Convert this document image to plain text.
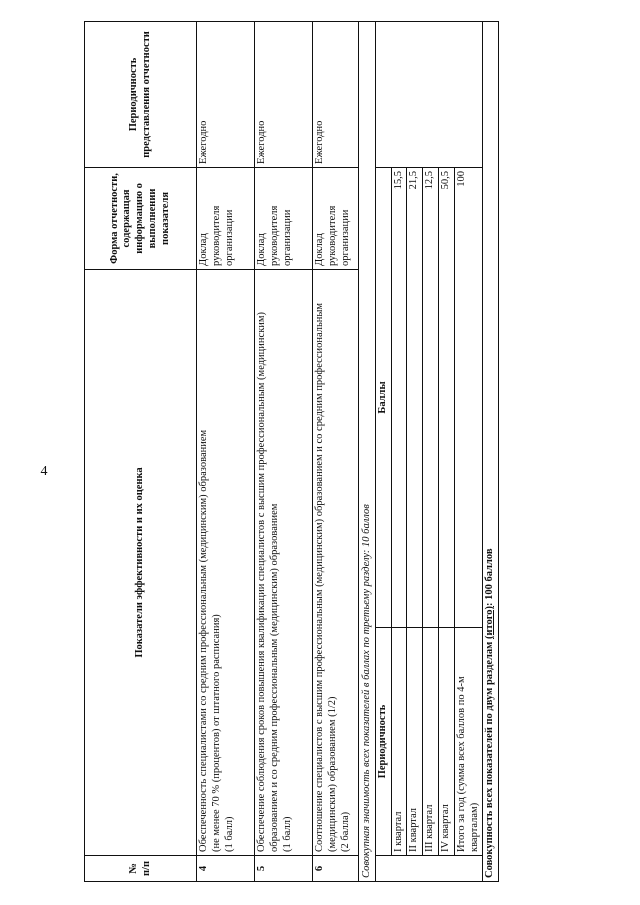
4
№
п/п	Показатели эффективности и их оценка		Форма отчетности, содержащая информацию о выполнении показателя	Периодичность представления отчетности
4	Обеспеченность специалистами со средним профессиональным (медицинским) образованием
(не менее 70 % (процентов) от штатного расписания)
(1 балл)		Доклад руководителя организации	Ежегодно
5	Обеспечение соблюдения сроков повышения квалификации специалистов с высшим профессиональным (медицинским) образованием и со средним профессиональным (медицинским) образованием
(1 балл)		Доклад руководителя организации	Ежегодно
6	Соотношение специалистов с высшим профессиональным (медицинским) образованием и со средним профессиональным (медицинским) образованием (1/2)
(2 балла)		Доклад руководителя организации	Ежегодно
Совокупная значимость всех показателей в баллах по третьему разделу: 10 баллов				
	Периодичность	Баллы		
	I квартал	15,5		
	II квартал	21,5		
	III квартал	12,5		
	IV квартал	50,5		
	Итого за год (сумма всех баллов по 4-м кварталам)	100		
Совокупность всех показателей по двум разделам (итого): 100 баллов				
